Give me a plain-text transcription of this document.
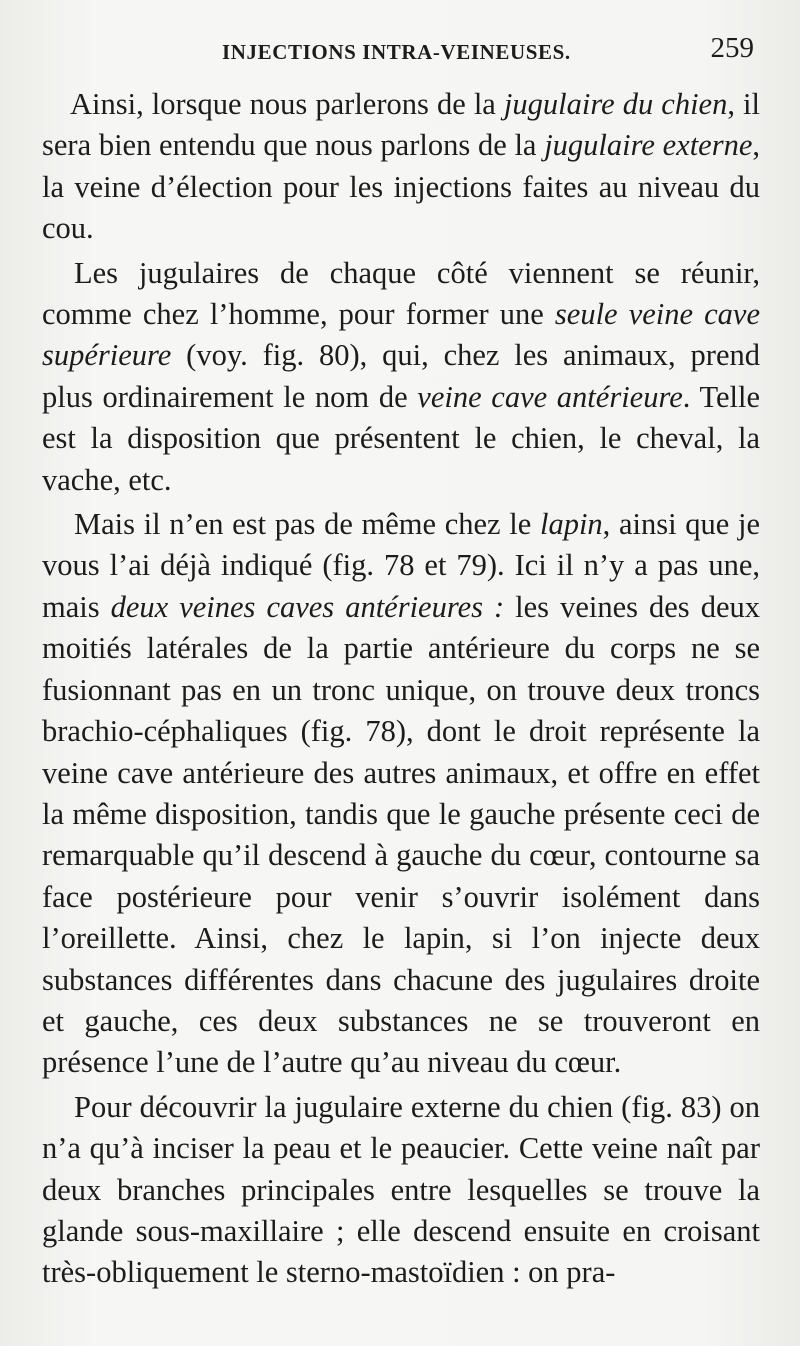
INJECTIONS INTRA-VEINEUSES.	259

Ainsi, lorsque nous parlerons de la jugulaire du chien, il sera bien entendu que nous parlons de la jugulaire externe, la veine d’élection pour les injections faites au niveau du cou.

Les jugulaires de chaque côté viennent se réunir, comme chez l’homme, pour former une seule veine cave supérieure (voy. fig. 80), qui, chez les animaux, prend plus ordinairement le nom de veine cave antérieure. Telle est la disposition que présentent le chien, le cheval, la vache, etc.

Mais il n’en est pas de même chez le lapin, ainsi que je vous l’ai déjà indiqué (fig. 78 et 79). Ici il n’y a pas une, mais deux veines caves antérieures : les veines des deux moitiés latérales de la partie antérieure du corps ne se fusionnant pas en un tronc unique, on trouve deux troncs brachio-céphaliques (fig. 78), dont le droit représente la veine cave antérieure des autres animaux, et offre en effet la même disposition, tandis que le gauche présente ceci de remarquable qu’il descend à gauche du cœur, contourne sa face postérieure pour venir s’ouvrir isolément dans l’oreillette. Ainsi, chez le lapin, si l’on injecte deux substances différentes dans chacune des jugulaires droite et gauche, ces deux substances ne se trouveront en présence l’une de l’autre qu’au niveau du cœur.

Pour découvrir la jugulaire externe du chien (fig. 83) on n’a qu’à inciser la peau et le peaucier. Cette veine naît par deux branches principales entre lesquelles se trouve la glande sous-maxillaire ; elle descend ensuite en croisant très-obliquement le sterno-mastoïdien : on pra-
